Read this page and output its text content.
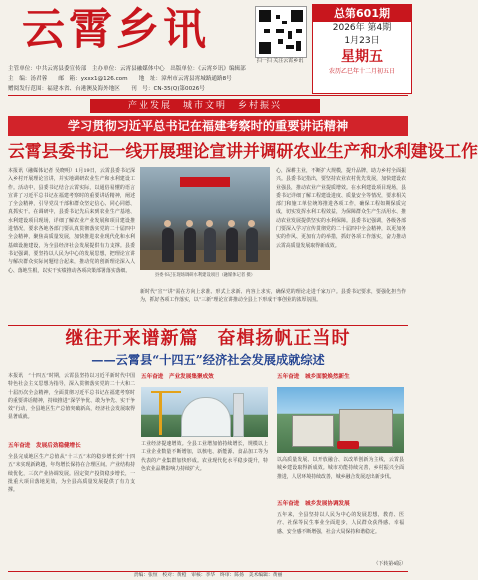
云霄乡讯
扫一扫 关注云霄乡讯
总第601期
2026年 第4期
1月23日
星期五
农历乙巳年十二月初五日
主管单位：中共云霄县委宣传部　主办单位：云霄县融媒体中心　出版单位：《云霄乡讯》编辑部
主　编：汤君蓉　　邮　箱：yxxx1@126.com　　地　址：漳州市云霄县霄城路通路8号
赠阅发行范围：福建本省、台港澳及海外地区　　刊　号：CN-35(Q)第0026号
产业发展　城市文明　乡村振兴
学习贯彻习近平总书记在福建考察时的重要讲话精神
云霄县委书记一线开展理论宣讲并调研农业生产和水利建设工作
本报讯（融媒体记者 吴晓明）1月19日，云霄县委书记深入乡村开展理论宣讲，并实地调研农业生产和水利建设工作。活动中，县委书记结合云霄实际，以通俗易懂的语言宣讲了习近平总书记在福建考察时的重要讲话精神，阐述了全会精神，引导党员干部和群众坚定信心、同心同德、真抓实干。在调研中，县委书记先后来到农业生产基地、水利建设项目现场，详细了解农业产业发展和项目建设推进情况，要求各地各部门要认真贯彻落实党的二十届四中全会精神，聚焦高质量发展，加快推进农业现代化和水利基础设施建设，为全县经济社会发展提供有力支撑。县委书记强调，要坚持以人民为中心的发展思想，把理论宣讲与解决群众实际问题结合起来，推动党的创新理论深入人心、落地生根，以实干实绩推动各项决策部署落实落细。
县委书记在现场调研水利建设项目（融媒体记者 摄）
心，深耕主业，不断扩大规模，提升品牌，助力乡村全面振兴。县委书记指出，要坚持农业农村优先发展，加快建设农业强县，推动农业产业提质增效。在水利建设项目现场，县委书记详细了解工程建设进度、质量安全等情况，要求相关部门和施工单位统筹推进各项工作，确保工程如期保质完成，切实发挥水利工程效益，为保障群众生产生活用水、推动农业发展提供坚实的水利保障。县委书记强调，各级各部门要深入学习宣传贯彻党的二十届四中全会精神，以更加务实的作风、更加有力的举措，抓好各项工作落实，奋力推动云霄高质量发展取得新成效。
新时代“宣”“讲”需在方向上求准、形式上求新、内容上求实，确保党的理论走进千家万户。县委书记要求，要强化担当作为，抓好各项工作落实，以“三新”理论宣讲推动全县上下形成干事创业的浓厚氛围。
继往开来谱新篇　奋楫扬帆正当时
——云霄县“十四五”经济社会发展成就综述
本报讯　“十四五”时期，云霄县坚持以习近平新时代中国特色社会主义思想为指导，深入贯彻落实党的二十大和二十届历次全会精神，全面贯彻习近平总书记在福建考察时的重要讲话精神，持续推进“深学争优、敢为争先、实干争效”行动，全县地区生产总值突破新高，经济社会发展取得显著成就。
五年奋进　发展后劲稳健增长
全县完成地区生产总值从“十三五”末的稳步增长到“十四五”末实现新跨越，年均增长保持在合理区间。产业结构持续优化，三次产业协调发展。固定资产投资稳步增长，一批重大项目落地见效，为全县高质量发展提供了有力支撑。
五年奋进　产业发展集聚成效
工业经济提速增效。全县工业增加值持续增长，规模以上工业企业数量不断增加，以核电、新能源、食品加工等为代表的产业集群加快形成。农业现代化水平稳步提升，特色农业品牌影响力持续扩大。
五年奋进　城乡面貌焕然新生
以高质量发展、以开放融合、以改革创新为主线，云霄县城乡建设取得新成效。城市功能持续完善，乡村振兴全面推进，人居环境持续改善，城乡融合发展迈出新步伐。
五年奋进　城乡发展协调发展
五年来，全县坚持以人民为中心的发展思想，教育、医疗、社保等民生事业全面进步，人民群众获得感、幸福感、安全感不断增强，社会大局保持和谐稳定。
（下转第4版）
责编：张恒　校对：黄橙　审核：李华　终审：陈扬　美术编辑：黄丽
